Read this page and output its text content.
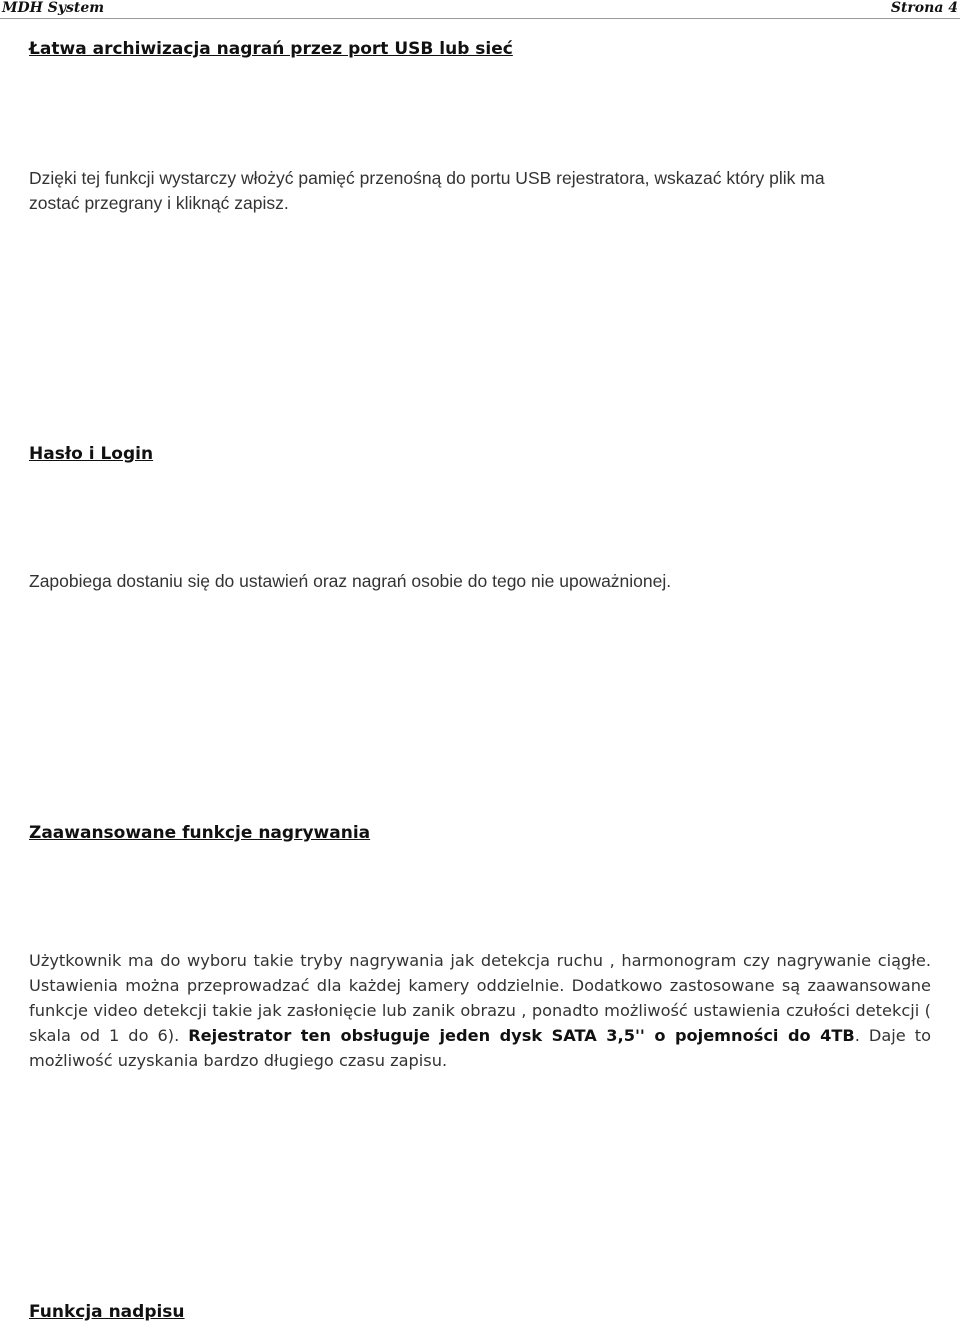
MDH System	Strona 4
Łatwa archiwizacja nagrań przez port USB lub sieć

Dzięki tej funkcji wystarczy włożyć pamięć przenośną do portu USB rejestratora, wskazać który plik ma
zostać przegrany i kliknąć zapisz.

Hasło i Login

Zapobiega dostaniu się do ustawień oraz nagrań osobie do tego nie upoważnionej.

Zaawansowane funkcje nagrywania

Użytkownik ma do wyboru takie tryby nagrywania jak detekcja ruchu , harmonogram czy nagrywanie ciągłe. Ustawienia można przeprowadzać dla każdej kamery oddzielnie. Dodatkowo zastosowane są zaawansowane funkcje video detekcji takie jak zasłonięcie lub zanik obrazu , ponadto możliwość ustawienia czułości detekcji ( skala od 1 do 6). Rejestrator ten obsługuje jeden dysk SATA 3,5'' o pojemności do 4TB. Daje to możliwość uzyskania bardzo długiego czasu zapisu.

Funkcja nadpisu
